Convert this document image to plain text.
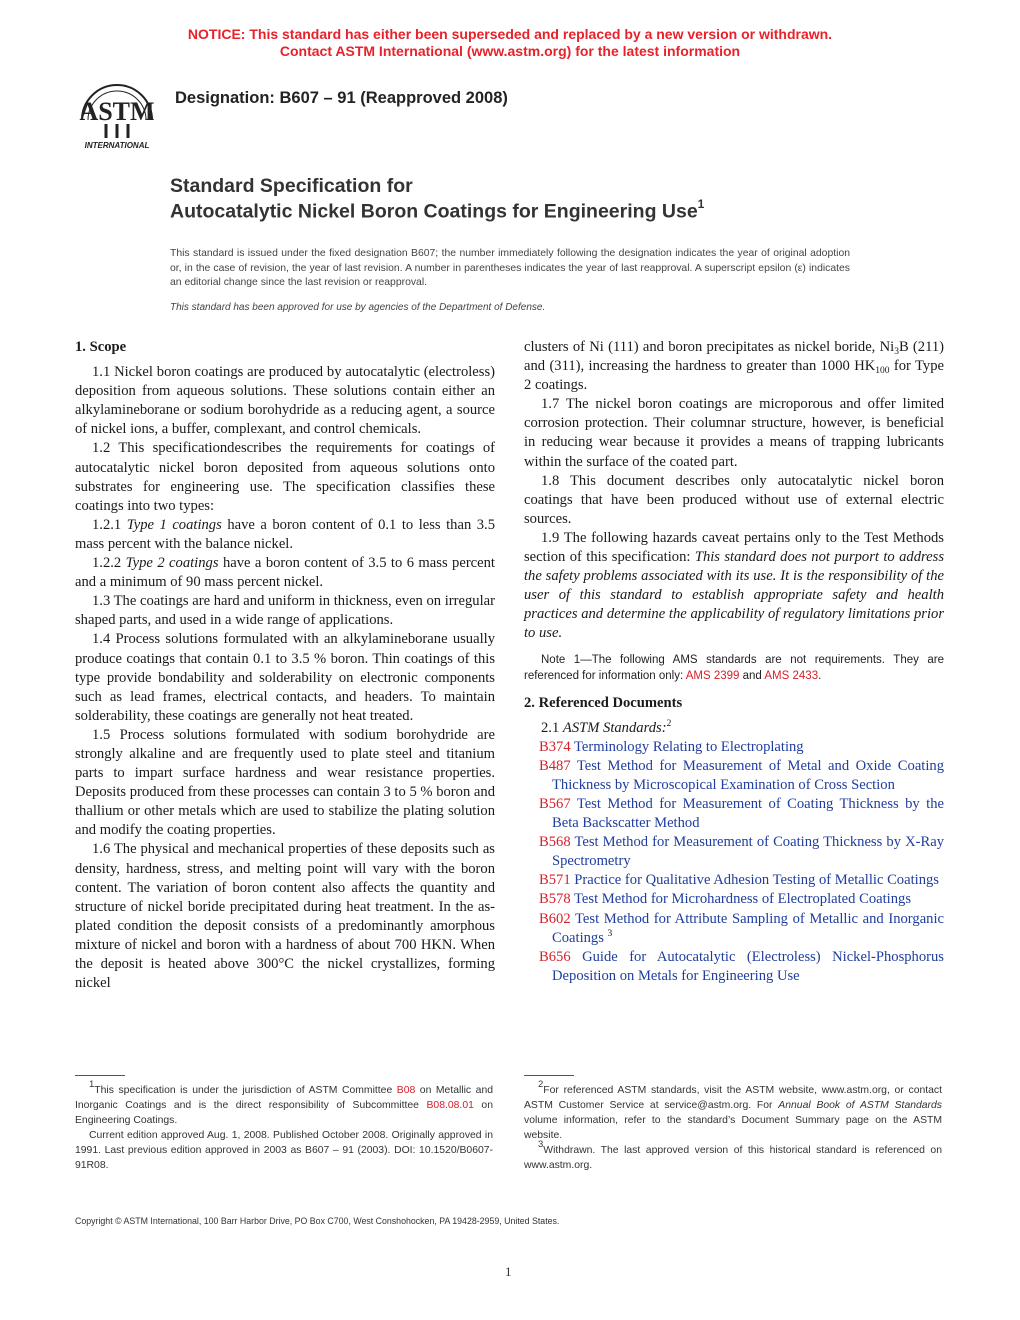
NOTICE: This standard has either been superseded and replaced by a new version or withdrawn.
Contact ASTM International (www.astm.org) for the latest information
ASTM
INTERNATIONAL
Designation: B607 – 91 (Reapproved 2008)
Standard Specification for
Autocatalytic Nickel Boron Coatings for Engineering Use$^1$
This standard is issued under the fixed designation B607; the number immediately following the designation indicates the year of original adoption or, in the case of revision, the year of last revision. A number in parentheses indicates the year of last reapproval. A superscript epsilon (ε) indicates an editorial change since the last revision or reapproval.
This standard has been approved for use by agencies of the Department of Defense.

1. Scope

1.1 Nickel boron coatings are produced by autocatalytic (electroless) deposition from aqueous solutions. These solutions contain either an alkylamineborane or sodium borohydride as a reducing agent, a source of nickel ions, a buffer, complexant, and control chemicals.

1.2 This specificationdescribes the requirements for coatings of autocatalytic nickel boron deposited from aqueous solutions onto substrates for engineering use. The specification classifies these coatings into two types:

1.2.1 Type 1 coatings have a boron content of 0.1 to less than 3.5 mass percent with the balance nickel.

1.2.2 Type 2 coatings have a boron content of 3.5 to 6 mass percent and a minimum of 90 mass percent nickel.

1.3 The coatings are hard and uniform in thickness, even on irregular shaped parts, and used in a wide range of applications.

1.4 Process solutions formulated with an alkylamineborane usually produce coatings that contain 0.1 to 3.5 % boron. Thin coatings of this type provide bondability and solderability on electronic components such as lead frames, electrical contacts, and headers. To maintain solderability, these coatings are generally not heat treated.

1.5 Process solutions formulated with sodium borohydride are strongly alkaline and are frequently used to plate steel and titanium parts to impart surface hardness and wear resistance properties. Deposits produced from these processes can contain 3 to 5 % boron and thallium or other metals which are used to stabilize the plating solution and modify the coating properties.

1.6 The physical and mechanical properties of these deposits such as density, hardness, stress, and melting point will vary with the boron content. The variation of boron content also affects the quantity and structure of nickel boride precipitated during heat treatment. In the as-plated condition the deposit consists of a predominantly amorphous mixture of nickel and boron with a hardness of about 700 HKN. When the deposit is heated above 300°C the nickel crystallizes, forming nickel

clusters of Ni (111) and boron precipitates as nickel boride, $Ni_3B$ (211) and (311), increasing the hardness to greater than 1000 $HK_{100}$ for Type 2 coatings.

1.7 The nickel boron coatings are microporous and offer limited corrosion protection. Their columnar structure, however, is beneficial in reducing wear because it provides a means of trapping lubricants within the surface of the coated part.

1.8 This document describes only autocatalytic nickel boron coatings that have been produced without use of external electric sources.

1.9 The following hazards caveat pertains only to the Test Methods section of this specification: This standard does not purport to address the safety problems associated with its use. It is the responsibility of the user of this standard to establish appropriate safety and health practices and determine the applicability of regulatory limitations prior to use.

Note 1—The following AMS standards are not requirements. They are referenced for information only: AMS 2399 and AMS 2433.

2. Referenced Documents

2.1 ASTM Standards:$^2$

B374 Terminology Relating to Electroplating

B487 Test Method for Measurement of Metal and Oxide Coating Thickness by Microscopical Examination of Cross Section

B567 Test Method for Measurement of Coating Thickness by the Beta Backscatter Method

B568 Test Method for Measurement of Coating Thickness by X-Ray Spectrometry

B571 Practice for Qualitative Adhesion Testing of Metallic Coatings

B578 Test Method for Microhardness of Electroplated Coatings

B602 Test Method for Attribute Sampling of Metallic and Inorganic Coatings $^3$

B656 Guide for Autocatalytic (Electroless) Nickel-Phosphorus Deposition on Metals for Engineering Use

1This specification is under the jurisdiction of ASTM Committee B08 on Metallic and Inorganic Coatings and is the direct responsibility of Subcommittee B08.08.01 on Engineering Coatings.

Current edition approved Aug. 1, 2008. Published October 2008. Originally approved in 1991. Last previous edition approved in 2003 as B607 – 91 (2003). DOI: 10.1520/B0607-91R08.

2For referenced ASTM standards, visit the ASTM website, www.astm.org, or contact ASTM Customer Service at service@astm.org. For Annual Book of ASTM Standards volume information, refer to the standard’s Document Summary page on the ASTM website.

3Withdrawn. The last approved version of this historical standard is referenced on www.astm.org.

Copyright © ASTM International, 100 Barr Harbor Drive, PO Box C700, West Conshohocken, PA 19428-2959, United States.
1
